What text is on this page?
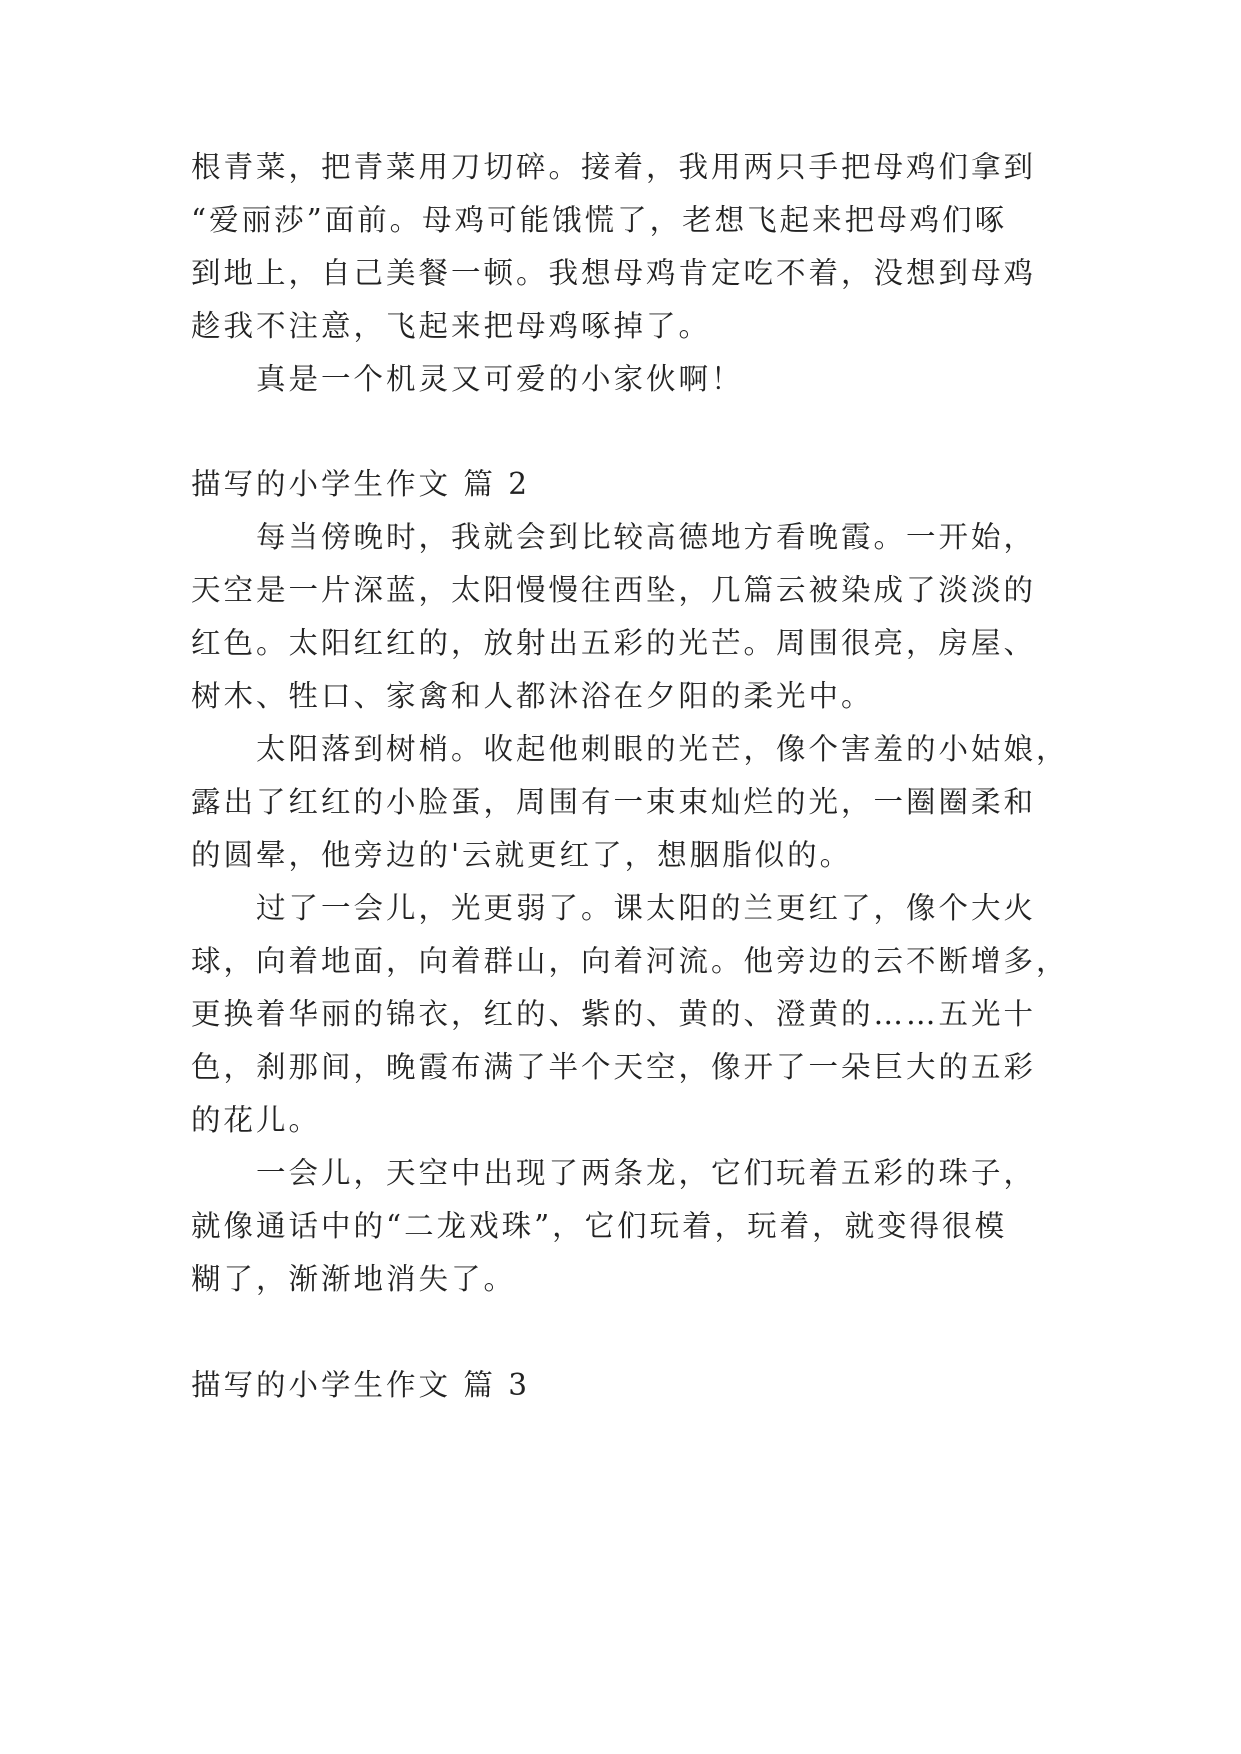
根青菜，把青菜用刀切碎。接着，我用两只手把母鸡们拿到
“爱丽莎”面前。母鸡可能饿慌了，老想飞起来把母鸡们啄
到地上，自己美餐一顿。我想母鸡肯定吃不着，没想到母鸡
趁我不注意，飞起来把母鸡啄掉了。
真是一个机灵又可爱的小家伙啊！
描写的小学生作文 篇 2
每当傍晚时，我就会到比较高德地方看晚霞。一开始，
天空是一片深蓝，太阳慢慢往西坠，几篇云被染成了淡淡的
红色。太阳红红的，放射出五彩的光芒。周围很亮，房屋、
树木、牲口、家禽和人都沐浴在夕阳的柔光中。
太阳落到树梢。收起他刺眼的光芒，像个害羞的小姑娘，
露出了红红的小脸蛋，周围有一束束灿烂的光，一圈圈柔和
的圆晕，他旁边的'云就更红了，想胭脂似的。
过了一会儿，光更弱了。课太阳的兰更红了，像个大火
球，向着地面，向着群山，向着河流。他旁边的云不断增多，
更换着华丽的锦衣，红的、紫的、黄的、澄黄的……五光十
色，刹那间，晚霞布满了半个天空，像开了一朵巨大的五彩
的花儿。
一会儿，天空中出现了两条龙，它们玩着五彩的珠子，
就像通话中的“二龙戏珠”，它们玩着，玩着，就变得很模
糊了，渐渐地消失了。
描写的小学生作文 篇 3
